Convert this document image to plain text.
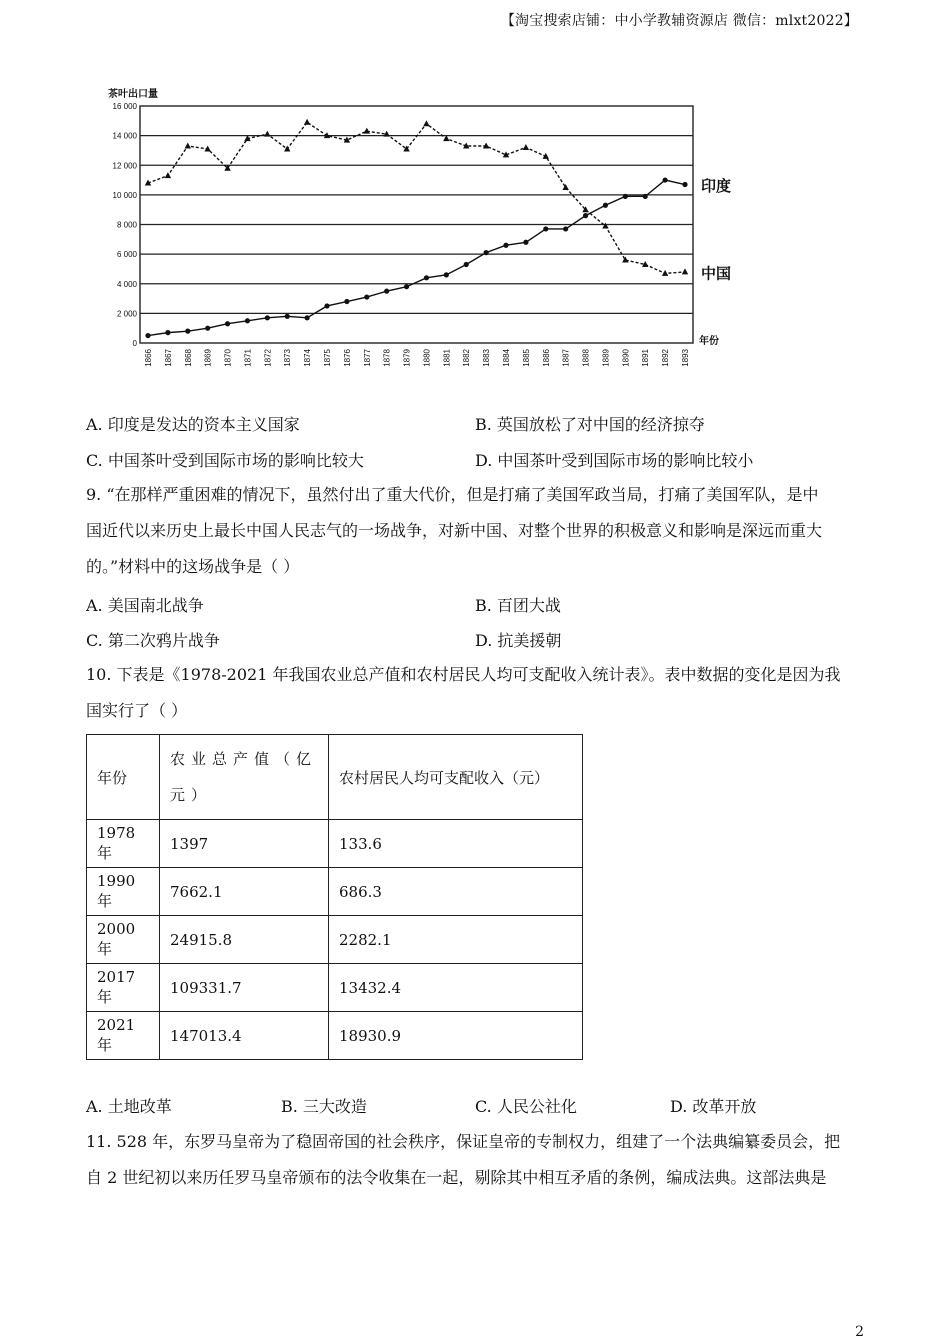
【淘宝搜索店铺：中小学教辅资源店 微信：mlxt2022】
0
2 000
4 000
6 000
8 000
10 000
12 000
14 000
16 000
1866 1867 1868 1869 1870 1871 1872 1873 1874 1875 1876 1877 1878 1879 1880 1881 1882 1883 1884 1885 1886 1887 1888 1889 1890 1891 1892 1893
茶叶出口量
年份
印度
中国
A. 印度是发达的资本主义国家	B. 英国放松了对中国的经济掠夺
C. 中国茶叶受到国际市场的影响比较大	D. 中国茶叶受到国际市场的影响比较小
9. “在那样严重困难的情况下，虽然付出了重大代价，但是打痛了美国军政当局，打痛了美国军队，是中
国近代以来历史上最长中国人民志气的一场战争，对新中国、对整个世界的积极意义和影响是深远而重大
的。”材料中的这场战争是（ ）
A. 美国南北战争	B. 百团大战
C. 第二次鸦片战争	D. 抗美援朝
10. 下表是《1978-2021 年我国农业总产值和农村居民人均可支配收入统计表》。表中数据的变化是因为我
国实行了（ ）
年份	农业总产值（亿元）	农村居民人均可支配收入（元）
1978 年	1397	133.6
1990 年	7662.1	686.3
2000 年	24915.8	2282.1
2017 年	109331.7	13432.4
2021 年	147013.4	18930.9
A. 土地改革	B. 三大改造	C. 人民公社化	D. 改革开放
11. 528 年，东罗马皇帝为了稳固帝国的社会秩序，保证皇帝的专制权力，组建了一个法典编纂委员会，把
自 2 世纪初以来历任罗马皇帝颁布的法令收集在一起，剔除其中相互矛盾的条例，编成法典。这部法典是
2
